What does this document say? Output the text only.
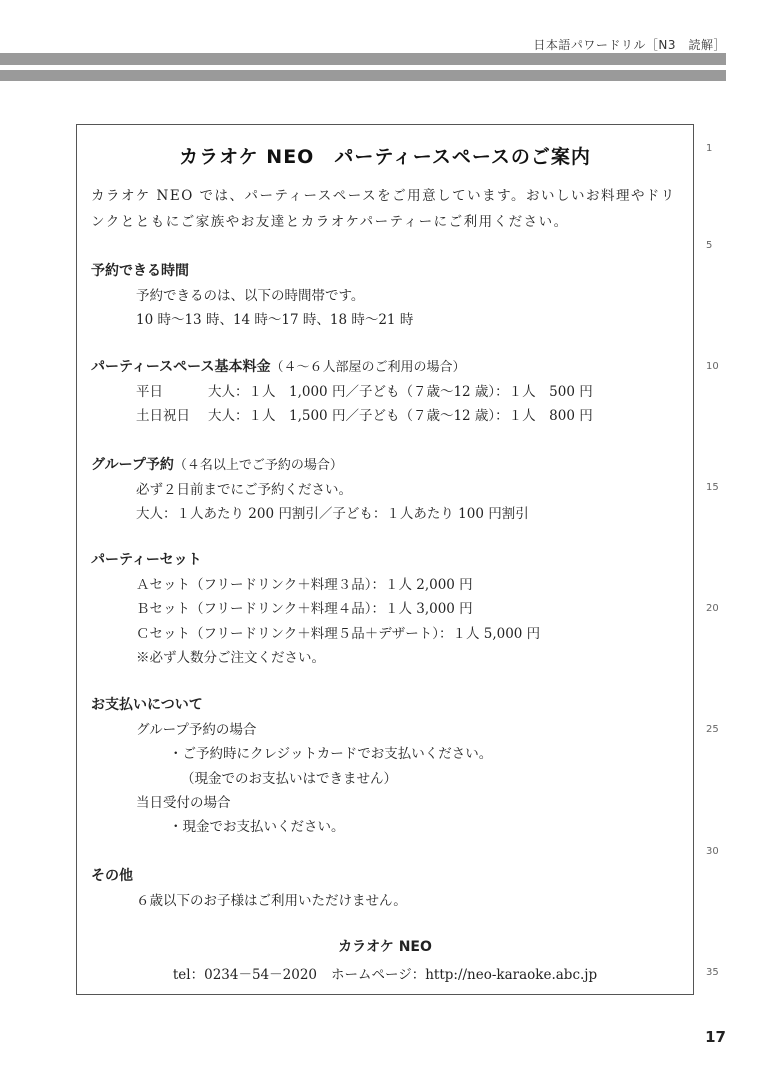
日本語パワードリル［N3　読解］
カラオケ NEO　パーティースペースのご案内
カラオケ NEO では、パーティースペースをご用意しています。おいしいお料理やドリンクとともにご家族やお友達とカラオケパーティーにご利用ください。
予約できる時間
予約できるのは、以下の時間帯です。
10 時〜13 時、14 時〜17 時、18 時〜21 時
パーティースペース基本料金（４〜６人部屋のご利用の場合）
平日	大人：１人　1,000 円／子ども（７歳〜12 歳）：１人　500 円
土日祝日 大人：１人　1,500 円／子ども（７歳〜12 歳）：１人　800 円
グループ予約（４名以上でご予約の場合）
必ず２日前までにご予約ください。
大人：１人あたり 200 円割引／子ども：１人あたり 100 円割引
パーティーセット
Ａセット（フリードリンク＋料理３品）：１人 2,000 円
Ｂセット（フリードリンク＋料理４品）：１人 3,000 円
Ｃセット（フリードリンク＋料理５品＋デザート）：１人 5,000 円
※必ず人数分ご注文ください。
お支払いについて
グループ予約の場合
・ご予約時にクレジットカードでお支払いください。
（現金でのお支払いはできません）
当日受付の場合
・現金でお支払いください。
その他
６歳以下のお子様はご利用いただけません。
カラオケ NEO
tel：0234－54－2020 ホームページ：http://neo-karaoke.abc.jp
1
5
10
15
20
25
30
35
17
